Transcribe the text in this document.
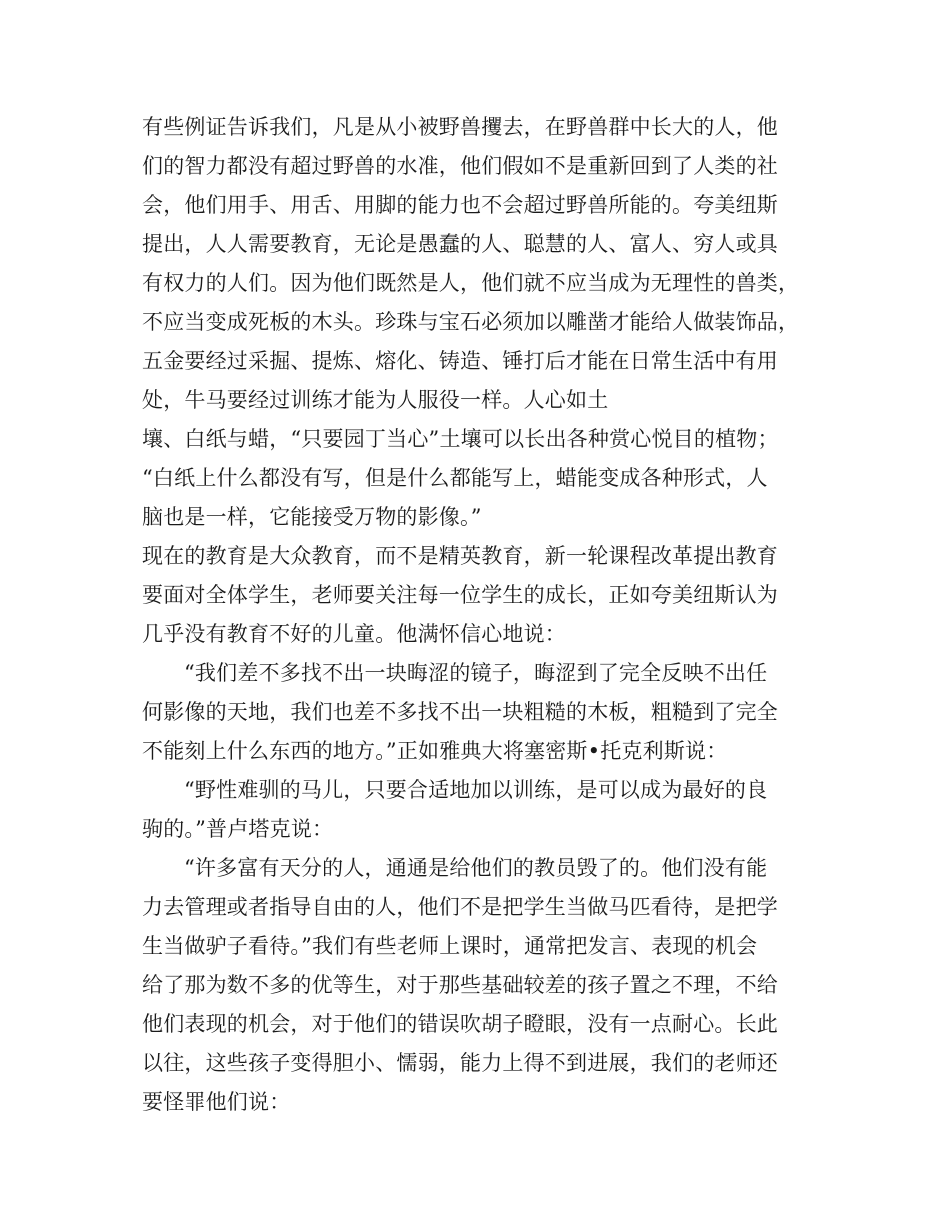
有些例证告诉我们，凡是从小被野兽攫去，在野兽群中长大的人，他
们的智力都没有超过野兽的水准，他们假如不是重新回到了人类的社
会，他们用手、用舌、用脚的能力也不会超过野兽所能的。夸美纽斯
提出，人人需要教育，无论是愚蠢的人、聪慧的人、富人、穷人或具
有权力的人们。因为他们既然是人，他们就不应当成为无理性的兽类，
不应当变成死板的木头。珍珠与宝石必须加以雕凿才能给人做装饰品，
五金要经过采掘、提炼、熔化、铸造、锤打后才能在日常生活中有用
处，牛马要经过训练才能为人服役一样。人心如土
壤、白纸与蜡，“只要园丁当心”土壤可以长出各种赏心悦目的植物；
“白纸上什么都没有写，但是什么都能写上，蜡能变成各种形式，人
脑也是一样，它能接受万物的影像。”
现在的教育是大众教育，而不是精英教育，新一轮课程改革提出教育
要面对全体学生，老师要关注每一位学生的成长，正如夸美纽斯认为
几乎没有教育不好的儿童。他满怀信心地说：
“我们差不多找不出一块晦涩的镜子，晦涩到了完全反映不出任
何影像的天地，我们也差不多找不出一块粗糙的木板，粗糙到了完全
不能刻上什么东西的地方。”正如雅典大将塞密斯•托克利斯说：
“野性难驯的马儿，只要合适地加以训练，是可以成为最好的良
驹的。”普卢塔克说：
“许多富有天分的人，通通是给他们的教员毁了的。他们没有能
力去管理或者指导自由的人，他们不是把学生当做马匹看待，是把学
生当做驴子看待。”我们有些老师上课时，通常把发言、表现的机会
给了那为数不多的优等生，对于那些基础较差的孩子置之不理，不给
他们表现的机会，对于他们的错误吹胡子瞪眼，没有一点耐心。长此
以往，这些孩子变得胆小、懦弱，能力上得不到进展，我们的老师还
要怪罪他们说：
